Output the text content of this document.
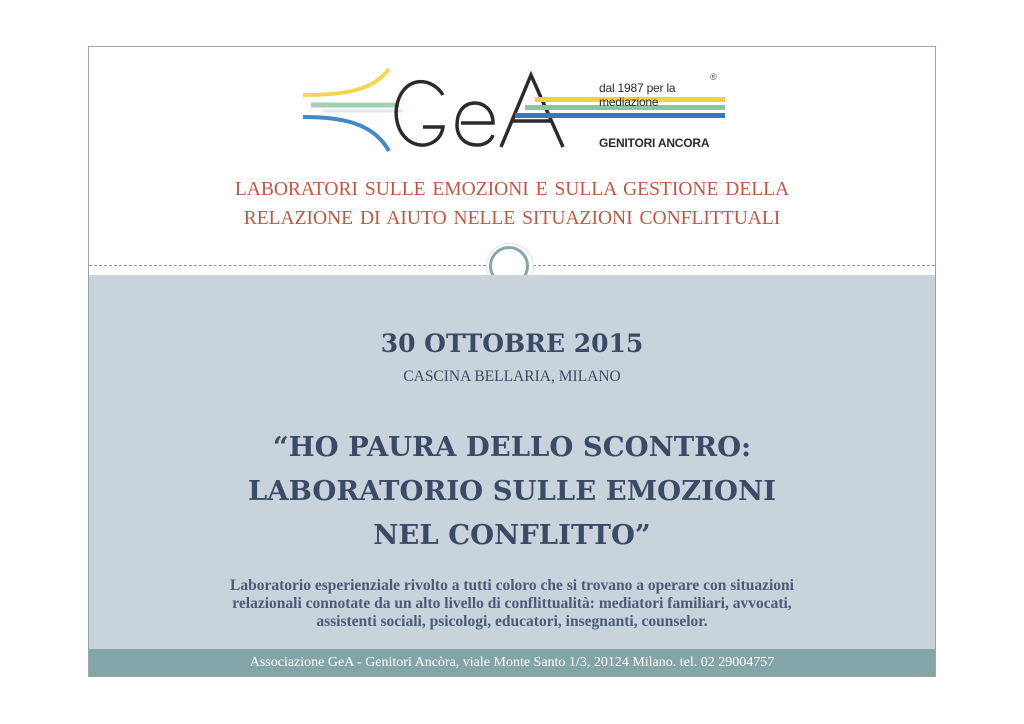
dal 1987 per la mediazione
®
GENITORI ANCORA
LABORATORI SULLE EMOZIONI E SULLA GESTIONE DELLA
RELAZIONE DI AIUTO NELLE SITUAZIONI CONFLITTUALI
30 OTTOBRE 2015
CASCINA BELLARIA, MILANO
“HO PAURA DELLO SCONTRO:
LABORATORIO SULLE EMOZIONI
NEL CONFLITTO”
Laboratorio esperienziale rivolto a tutti coloro che si trovano a operare con situazioni
relazionali connotate da un alto livello di conflittualità: mediatori familiari, avvocati,
assistenti sociali, psicologi, educatori, insegnanti, counselor.
Associazione GeA - Genitori Ancòra, viale Monte Santo 1/3, 20124 Milano. tel. 02 29004757
